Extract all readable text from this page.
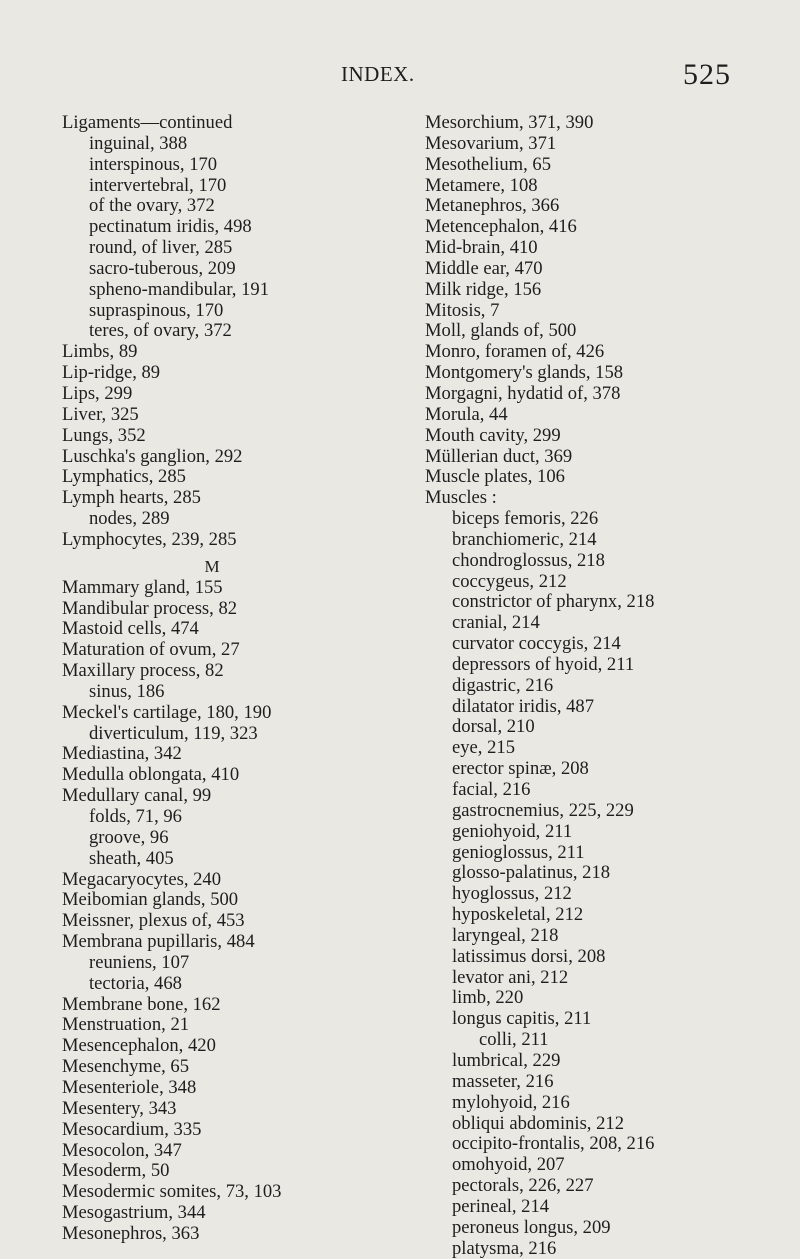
INDEX.	525
Ligaments—continued
inguinal, 388
interspinous, 170
intervertebral, 170
of the ovary, 372
pectinatum iridis, 498
round, of liver, 285
sacro-tuberous, 209
spheno-mandibular, 191
supraspinous, 170
teres, of ovary, 372
Limbs, 89
Lip-ridge, 89
Lips, 299
Liver, 325
Lungs, 352
Luschka's ganglion, 292
Lymphatics, 285
Lymph hearts, 285
nodes, 289
Lymphocytes, 239, 285
M
Mammary gland, 155
Mandibular process, 82
Mastoid cells, 474
Maturation of ovum, 27
Maxillary process, 82
sinus, 186
Meckel's cartilage, 180, 190
diverticulum, 119, 323
Mediastina, 342
Medulla oblongata, 410
Medullary canal, 99
folds, 71, 96
groove, 96
sheath, 405
Megacaryocytes, 240
Meibomian glands, 500
Meissner, plexus of, 453
Membrana pupillaris, 484
reuniens, 107
tectoria, 468
Membrane bone, 162
Menstruation, 21
Mesencephalon, 420
Mesenchyme, 65
Mesenteriole, 348
Mesentery, 343
Mesocardium, 335
Mesocolon, 347
Mesoderm, 50
Mesodermic somites, 73, 103
Mesogastrium, 344
Mesonephros, 363
Mesorchium, 371, 390
Mesovarium, 371
Mesothelium, 65
Metamere, 108
Metanephros, 366
Metencephalon, 416
Mid-brain, 410
Middle ear, 470
Milk ridge, 156
Mitosis, 7
Moll, glands of, 500
Monro, foramen of, 426
Montgomery's glands, 158
Morgagni, hydatid of, 378
Morula, 44
Mouth cavity, 299
Müllerian duct, 369
Muscle plates, 106
Muscles :
biceps femoris, 226
branchiomeric, 214
chondroglossus, 218
coccygeus, 212
constrictor of pharynx, 218
cranial, 214
curvator coccygis, 214
depressors of hyoid, 211
digastric, 216
dilatator iridis, 487
dorsal, 210
eye, 215
erector spinæ, 208
facial, 216
gastrocnemius, 225, 229
geniohyoid, 211
genioglossus, 211
glosso-palatinus, 218
hyoglossus, 212
hyposkeletal, 212
laryngeal, 218
latissimus dorsi, 208
levator ani, 212
limb, 220
longus capitis, 211
colli, 211
lumbrical, 229
masseter, 216
mylohyoid, 216
obliqui abdominis, 212
occipito-frontalis, 208, 216
omohyoid, 207
pectorals, 226, 227
perineal, 214
peroneus longus, 209
platysma, 216
